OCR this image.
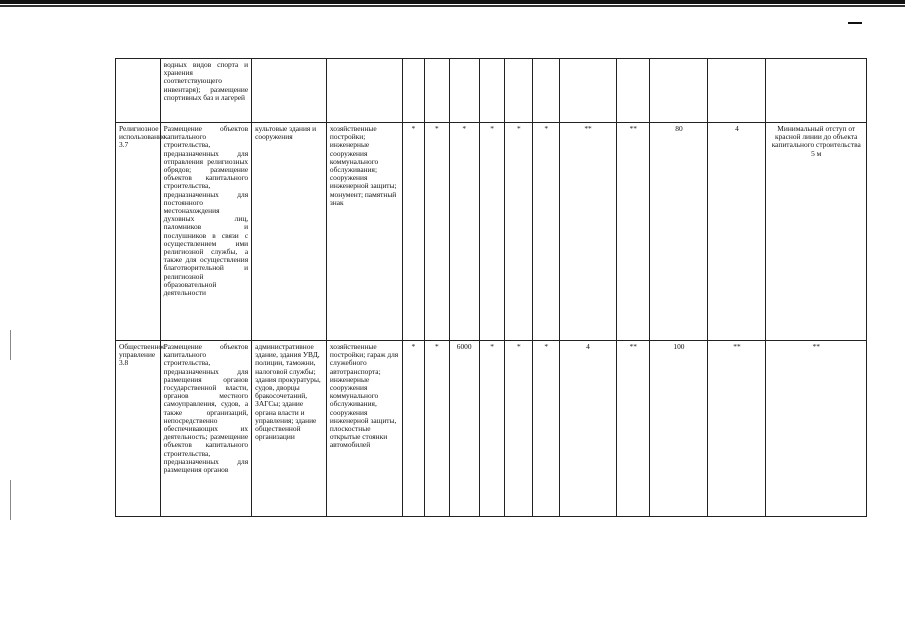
	водных видов спорта и хранения соответствующего инвентаря); размещение спортивных баз и лагерей													
Религиозное использование 3.7	Размещение объектов капитального строительства, предназначенных для отправления религиозных обрядов; размещение объектов капитального строительства, предназначенных для постоянного местонахождения духовных лиц, паломников и послушников в связи с осуществлением ими религиозной службы, а также для осуществления благотворительной и религиозной образовательной деятельности	культовые здания и сооружения	хозяйственные постройки; инженерные сооружения коммунального обслуживания; сооружения инженерной защиты; монумент; памятный знак	*	*	*	*	*	*	**	**	80	4	Минимальный отступ от красной линии до объекта капитального строительства 5 м
Общественное управление 3.8	Размещение объектов капитального строительства, предназначенных для размещения органов государственной власти, органов местного самоуправления, судов, а также организаций, непосредственно обеспечивающих их деятельность; размещение объектов капитального строительства, предназначенных для размещения органов	административное здание, здания УВД, полиции, таможни, налоговой службы; здания прокуратуры, судов, дворцы бракосочетаний, ЗАГСы; здание органа власти и управления; здание общественной организации	хозяйственные постройки; гараж для служебного автотранспорта; инженерные сооружения коммунального обслуживания, сооружения инженерной защиты, плоскостные открытые стоянки автомобилей	*	*	6000	*	*	*	4	**	100	**	**
